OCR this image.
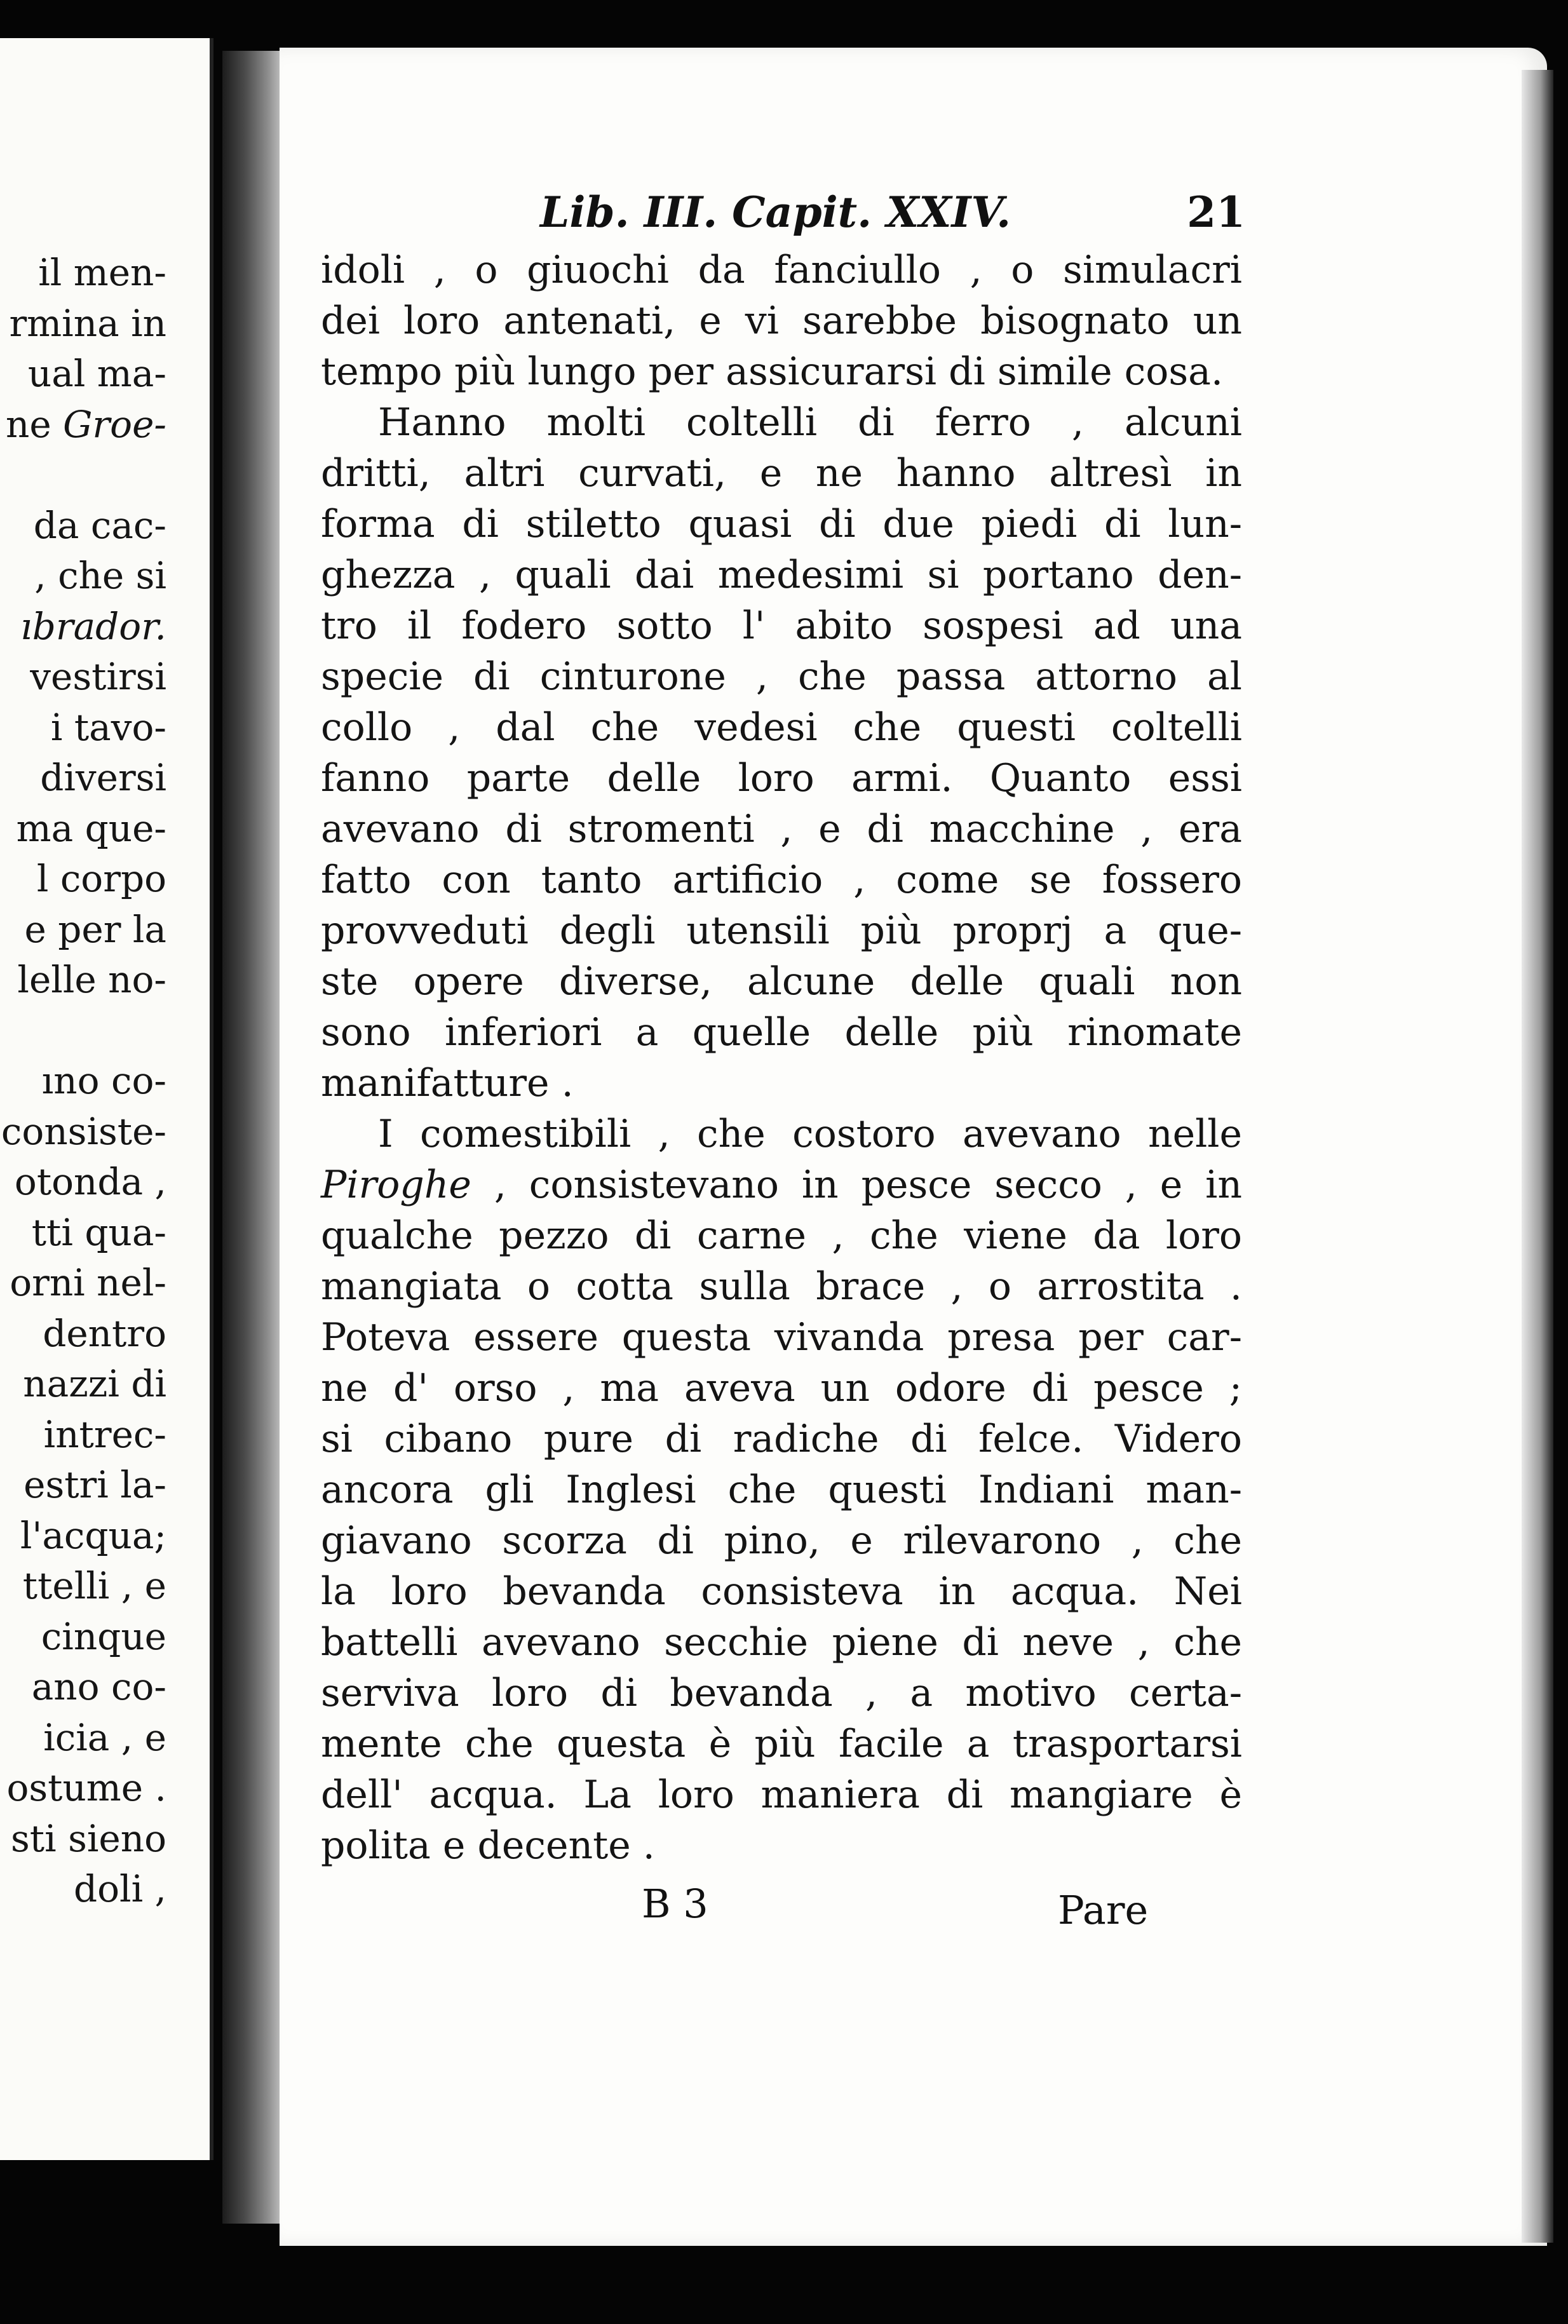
il men-
rmina in
ual ma-
ne Groe-

da cac-
, che si
ıbrador.
vestirsi
i tavo-
diversi
ma que-
l corpo
e per la
lelle no-

ıno co-
consiste-
otonda ,
tti qua-
orni nel-
dentro
nazzi di
intrec-
estri la-
l'acqua;
ttelli , e
cinque
ano co-
icia , e
ostume .
sti sieno
doli ,
Lib. III. Capit. XXIV.	21
idoli , o giuochi da fanciullo , o simulacri
dei loro antenati, e vi sarebbe bisognato un
tempo più lungo per assicurarsi di simile cosa.
Hanno molti coltelli di ferro , alcuni
dritti, altri curvati, e ne hanno altresì in
forma di stiletto quasi di due piedi di lun-
ghezza , quali dai medesimi si portano den-
tro il fodero sotto l' abito sospesi ad una
specie di cinturone , che passa attorno al
collo , dal che vedesi che questi coltelli
fanno parte delle loro armi. Quanto essi
avevano di stromenti , e di macchine , era
fatto con tanto artificio , come se fossero
provveduti degli utensili più proprj a que-
ste opere diverse, alcune delle quali non
sono inferiori a quelle delle più rinomate
manifatture .
I comestibili , che costoro avevano nelle
Piroghe , consistevano in pesce secco , e in
qualche pezzo di carne , che viene da loro
mangiata o cotta sulla brace , o arrostita .
Poteva essere questa vivanda presa per car-
ne d' orso , ma aveva un odore di pesce ;
si cibano pure di radiche di felce. Videro
ancora gli Inglesi che questi Indiani man-
giavano scorza di pino, e rilevarono , che
la loro bevanda consisteva in acqua. Nei
battelli avevano secchie piene di neve , che
serviva loro di bevanda , a motivo certa-
mente che questa è più facile a trasportarsi
dell' acqua. La loro maniera di mangiare è
polita e decente .
B 3	Pare
